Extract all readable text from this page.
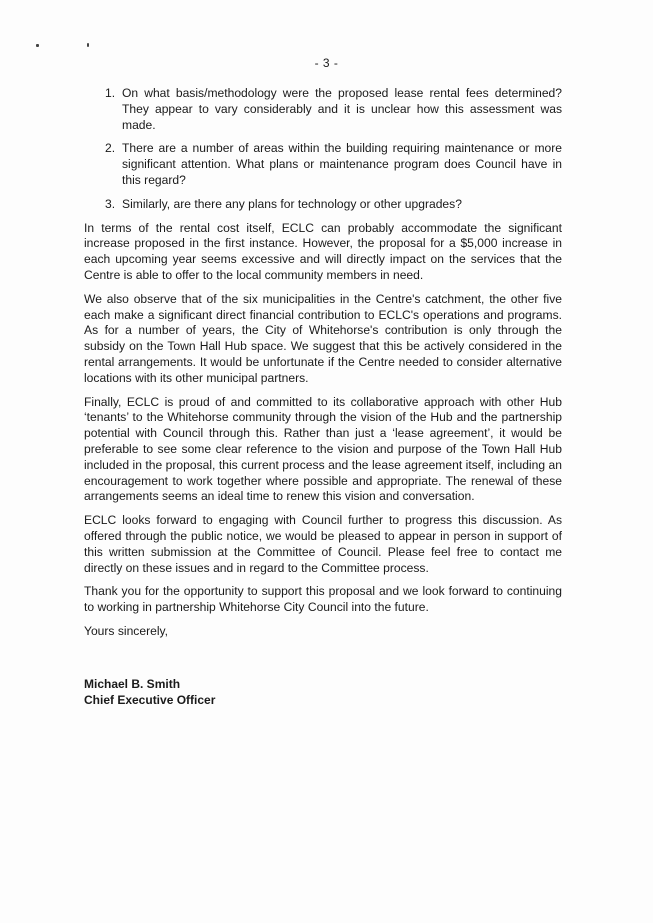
- 3 -
1. On what basis/methodology were the proposed lease rental fees determined? They appear to vary considerably and it is unclear how this assessment was made.
2. There are a number of areas within the building requiring maintenance or more significant attention. What plans or maintenance program does Council have in this regard?
3. Similarly, are there any plans for technology or other upgrades?

In terms of the rental cost itself, ECLC can probably accommodate the significant increase proposed in the first instance. However, the proposal for a $5,000 increase in each upcoming year seems excessive and will directly impact on the services that the Centre is able to offer to the local community members in need.

We also observe that of the six municipalities in the Centre's catchment, the other five each make a significant direct financial contribution to ECLC's operations and programs. As for a number of years, the City of Whitehorse's contribution is only through the subsidy on the Town Hall Hub space. We suggest that this be actively considered in the rental arrangements. It would be unfortunate if the Centre needed to consider alternative locations with its other municipal partners.

Finally, ECLC is proud of and committed to its collaborative approach with other Hub ‘tenants’ to the Whitehorse community through the vision of the Hub and the partnership potential with Council through this. Rather than just a ‘lease agreement’, it would be preferable to see some clear reference to the vision and purpose of the Town Hall Hub included in the proposal, this current process and the lease agreement itself, including an encouragement to work together where possible and appropriate. The renewal of these arrangements seems an ideal time to renew this vision and conversation.

ECLC looks forward to engaging with Council further to progress this discussion. As offered through the public notice, we would be pleased to appear in person in support of this written submission at the Committee of Council. Please feel free to contact me directly on these issues and in regard to the Committee process.

Thank you for the opportunity to support this proposal and we look forward to continuing to working in partnership Whitehorse City Council into the future.

Yours sincerely,

Michael B. Smith
Chief Executive Officer
